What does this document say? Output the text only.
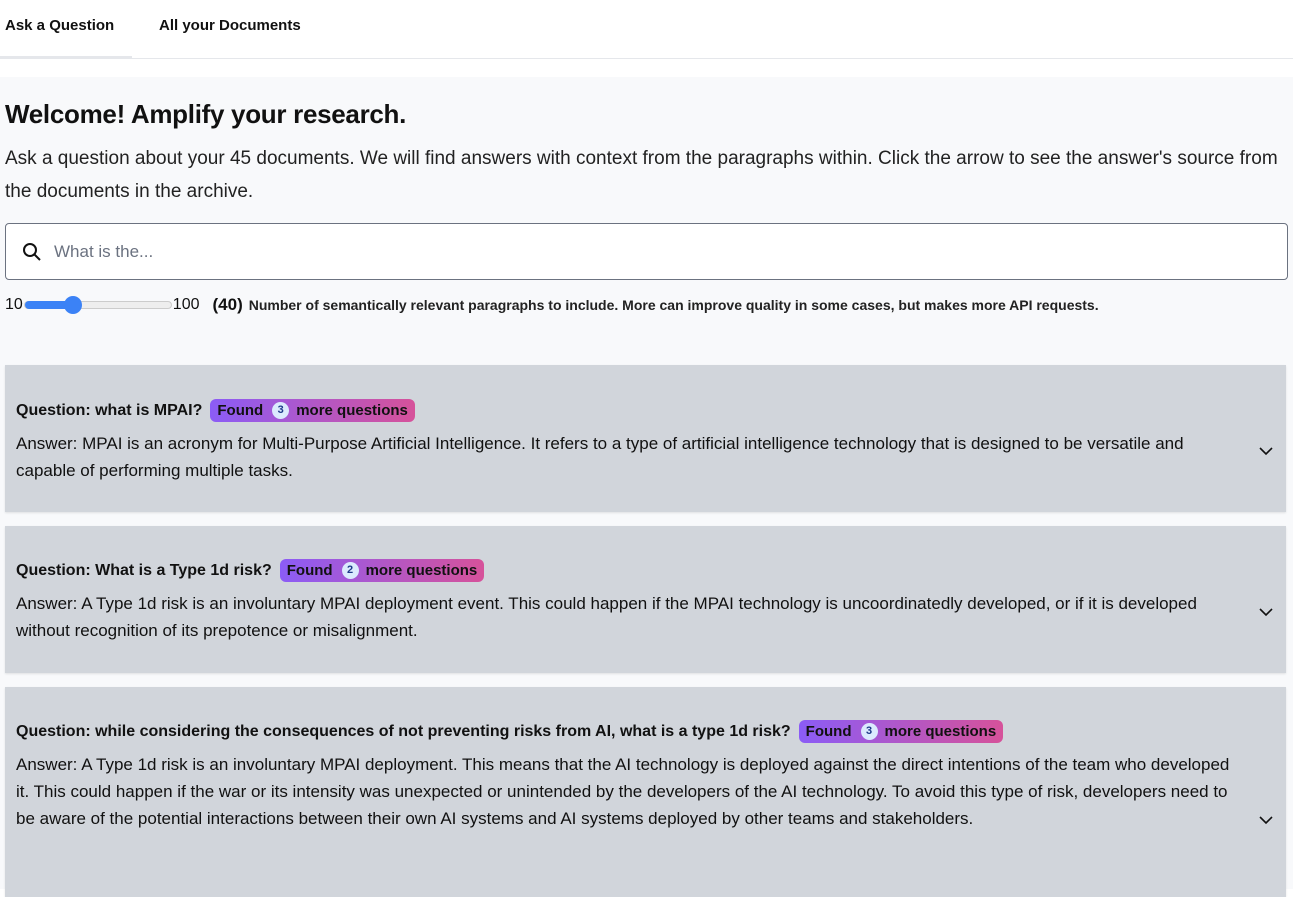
Ask a Question	All your Documents
Welcome! Amplify your research.

Ask a question about your 45 documents. We will find answers with context from the paragraphs within. Click the arrow to see the answer's source from the documents in the archive.

What is the...
10	100 (40) Number of semantically relevant paragraphs to include. More can improve quality in some cases, but makes more API requests.
Question: what is MPAI? Found	3 more questions

Answer: MPAI is an acronym for Multi-Purpose Artificial Intelligence. It refers to a type of artificial intelligence technology that is designed to be versatile and capable of performing multiple tasks.

Question: What is a Type 1d risk? Found	2 more questions

Answer: A Type 1d risk is an involuntary MPAI deployment event. This could happen if the MPAI technology is uncoordinatedly developed, or if it is developed without recognition of its prepotence or misalignment.

Question: while considering the consequences of not preventing risks from AI, what is a type 1d risk? Found	3 more questions

Answer: A Type 1d risk is an involuntary MPAI deployment. This means that the AI technology is deployed against the direct intentions of the team who developed it. This could happen if the war or its intensity was unexpected or unintended by the developers of the AI technology. To avoid this type of risk, developers need to be aware of the potential interactions between their own AI systems and AI systems deployed by other teams and stakeholders.
